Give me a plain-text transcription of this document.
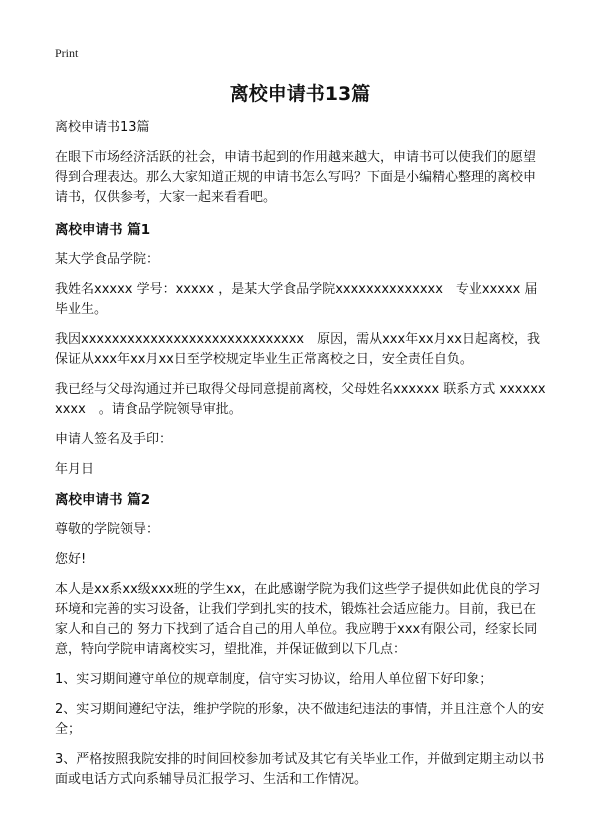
Print
离校申请书13篇

离校申请书13篇

在眼下市场经济活跃的社会，申请书起到的作用越来越大，申请书可以使我们的愿望得到合理表达。那么大家知道正规的申请书怎么写吗？下面是小编精心整理的离校申请书，仅供参考，大家一起来看看吧。

离校申请书 篇1

某大学食品学院：

我姓名xxxxx 学号：xxxxx ，是某大学食品学院xxxxxxxxxxxxxx　专业xxxxx 届毕业生。

我因xxxxxxxxxxxxxxxxxxxxxxxxxxxxx　原因，需从xxx年xx月xx日起离校，我保证从xxx年xx月xx日至学校规定毕业生正常离校之日，安全责任自负。

我已经与父母沟通过并已取得父母同意提前离校，父母姓名xxxxxx 联系方式 xxxxxxxxxx　。请食品学院领导审批。

申请人签名及手印：

年月日

离校申请书 篇2

尊敬的学院领导：

您好!

本人是xx系xx级xxx班的学生xx，在此感谢学院为我们这些学子提供如此优良的学习环境和完善的实习设备，让我们学到扎实的技术，锻炼社会适应能力。目前，我已在家人和自己的 努力下找到了适合自己的用人单位。我应聘于xxx有限公司，经家长同意，特向学院申请离校实习，望批准，并保证做到以下几点：

1、实习期间遵守单位的规章制度，信守实习协议，给用人单位留下好印象；

2、实习期间遵纪守法，维护学院的形象，决不做违纪违法的事情，并且注意个人的安全；

3、严格按照我院安排的时间回校参加考试及其它有关毕业工作，并做到定期主动以书面或电话方式向系辅导员汇报学习、生活和工作情况。
